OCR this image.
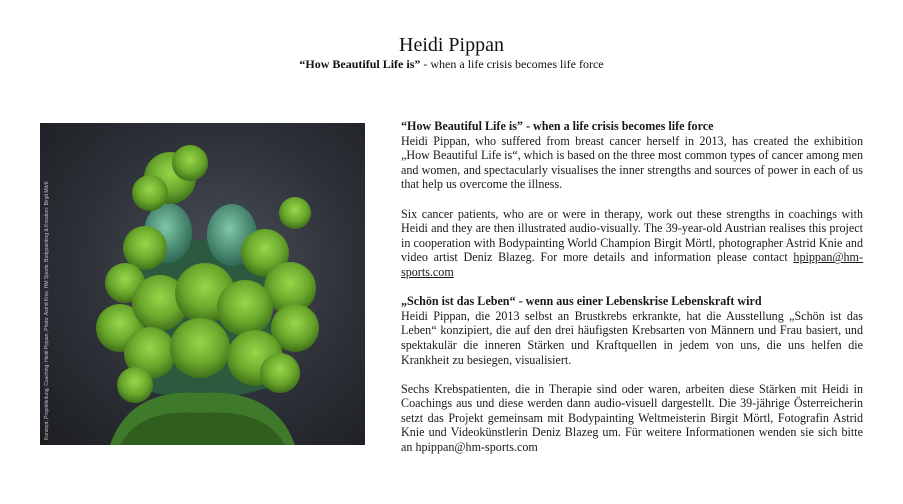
Heidi Pippan
“How Beautiful Life is” - when a life crisis becomes life force
Konzept, Projektleitung, Coaching: Heidi Pippan, Photo: Astrid Knie, HM Sports, Bodypainting & Kreation: Birgit Mörtl
“How Beautiful Life is” - when a life crisis becomes life force

Heidi Pippan, who suffered from breast cancer herself in 2013, has created the exhibition „How Beautiful Life is“, which is based on the three most common types of cancer among men and women, and spectacularly visualises the inner strengths and sources of power in each of us that help us overcome the illness.

Six cancer patients, who are or were in therapy, work out these strengths in coachings with Heidi and they are then illustrated audio-visually. The 39-year-old Austrian realises this project in cooperation with Bodypainting World Champion Birgit Mörtl, photographer Astrid Knie and video artist Deniz Blazeg. For more details and information please contact hpippan@hm-sports.com

„Schön ist das Leben“ - wenn aus einer Lebenskrise Lebenskraft wird

Heidi Pippan, die 2013 selbst an Brustkrebs erkrankte, hat die Ausstellung „Schön ist das Leben“ konzipiert, die auf den drei häufigsten Krebsarten von Männern und Frau basiert, und spektakulär die inneren Stärken und Kraftquellen in jedem von uns, die uns helfen die Krankheit zu besiegen, visualisiert.

Sechs Krebspatienten, die in Therapie sind oder waren, arbeiten diese Stärken mit Heidi in Coachings aus und diese werden dann audio-visuell dargestellt. Die 39-jährige Österreicherin setzt das Projekt gemeinsam mit Bodypainting Weltmeisterin Birgit Mörtl, Fotografin Astrid Knie und Videokünstlerin Deniz Blazeg um. Für weitere Informationen wenden sie sich bitte an hpippan@hm-sports.com
